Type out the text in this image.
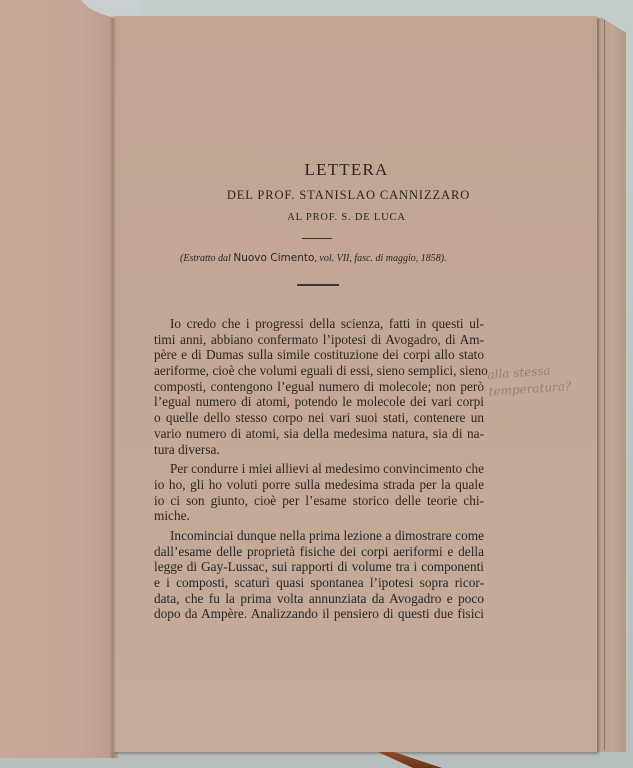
LETTERA
DEL PROF. STANISLAO CANNIZZARO
AL PROF. S. DE LUCA
(Estratto dal Nuovo Cimento, vol. VII, fasc. di maggio, 1858).
Io credo che i progressi della scienza, fatti in questi ul-
timi anni, abbiano confermato l’ipotesi di Avogadro, di Am-
père e di Dumas sulla simile costituzione dei corpi allo stato
aeriforme, cioè che volumi eguali di essi, sieno semplici, sieno
composti, contengono l’egual numero di molecole; non però
l’egual numero di atomi, potendo le molecole dei vari corpi
o quelle dello stesso corpo nei vari suoi stati, contenere un
vario numero di atomi, sia della medesima natura, sia di na-
tura diversa.
Per condurre i miei allievi al medesimo convincimento che
io ho, gli ho voluti porre sulla medesima strada per la quale
io ci son giunto, cioè per l’esame storico delle teorie chi-
miche.
Incominciai dunque nella prima lezione a dimostrare come
dall’esame delle proprietà fisiche dei corpi aeriformi e della
legge di Gay-Lussac, sui rapporti di volume tra i componenti
e i composti, scaturì quasi spontanea l’ipotesi sopra ricor-
data, che fu la prima volta annunziata da Avogadro e poco
dopo da Ampère. Analizzando il pensiero di questi due fisici
alla stessa
temperatura?
